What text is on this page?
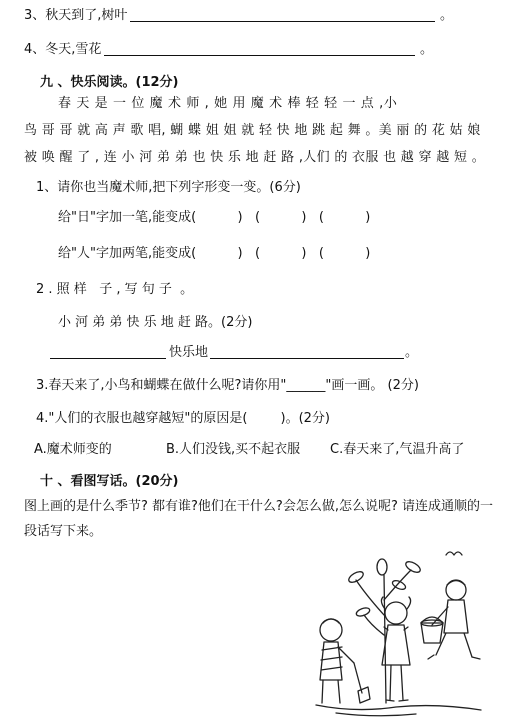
3、秋天到了,树叶	。
4、冬天,雪花	。
九 、快乐阅读。(12分)
春 天 是 一 位 魔 术 师 , 她 用 魔 术 棒 轻 轻 一 点 ,小
鸟 哥 哥 就 高 声 歌 唱, 蝴 蝶 姐 姐 就 轻 快 地 跳 起 舞 。美 丽 的 花 姑 娘
被 唤 醒 了 , 连 小 河 弟 弟 也 快 乐 地 赶 路 ,人们 的 衣服 也 越 穿 越 短 。
1、请你也当魔术师,把下列字形变一变。(6分)
给"日"字加一笔,能变成(          )   (          )   (          )
给"人"字加两笔,能变成(          )   (          )   (          )
2 . 照 样   子 , 写 句 子  。
小 河 弟 弟 快 乐 地 赶 路。(2分)
快乐地	。
3.春天来了,小鸟和蝴蝶在做什么呢?请你用"______"画一画。 (2分)
4."人们的衣服也越穿越短"的原因是(        )。(2分)
A.魔术师变的	B.人们没钱,买不起衣服 C.春天来了,气温升高了
十 、看图写话。(20分)
图上画的是什么季节? 都有谁?他们在干什么?会怎么做,怎么说呢? 请连成通顺的一
段话写下来。
